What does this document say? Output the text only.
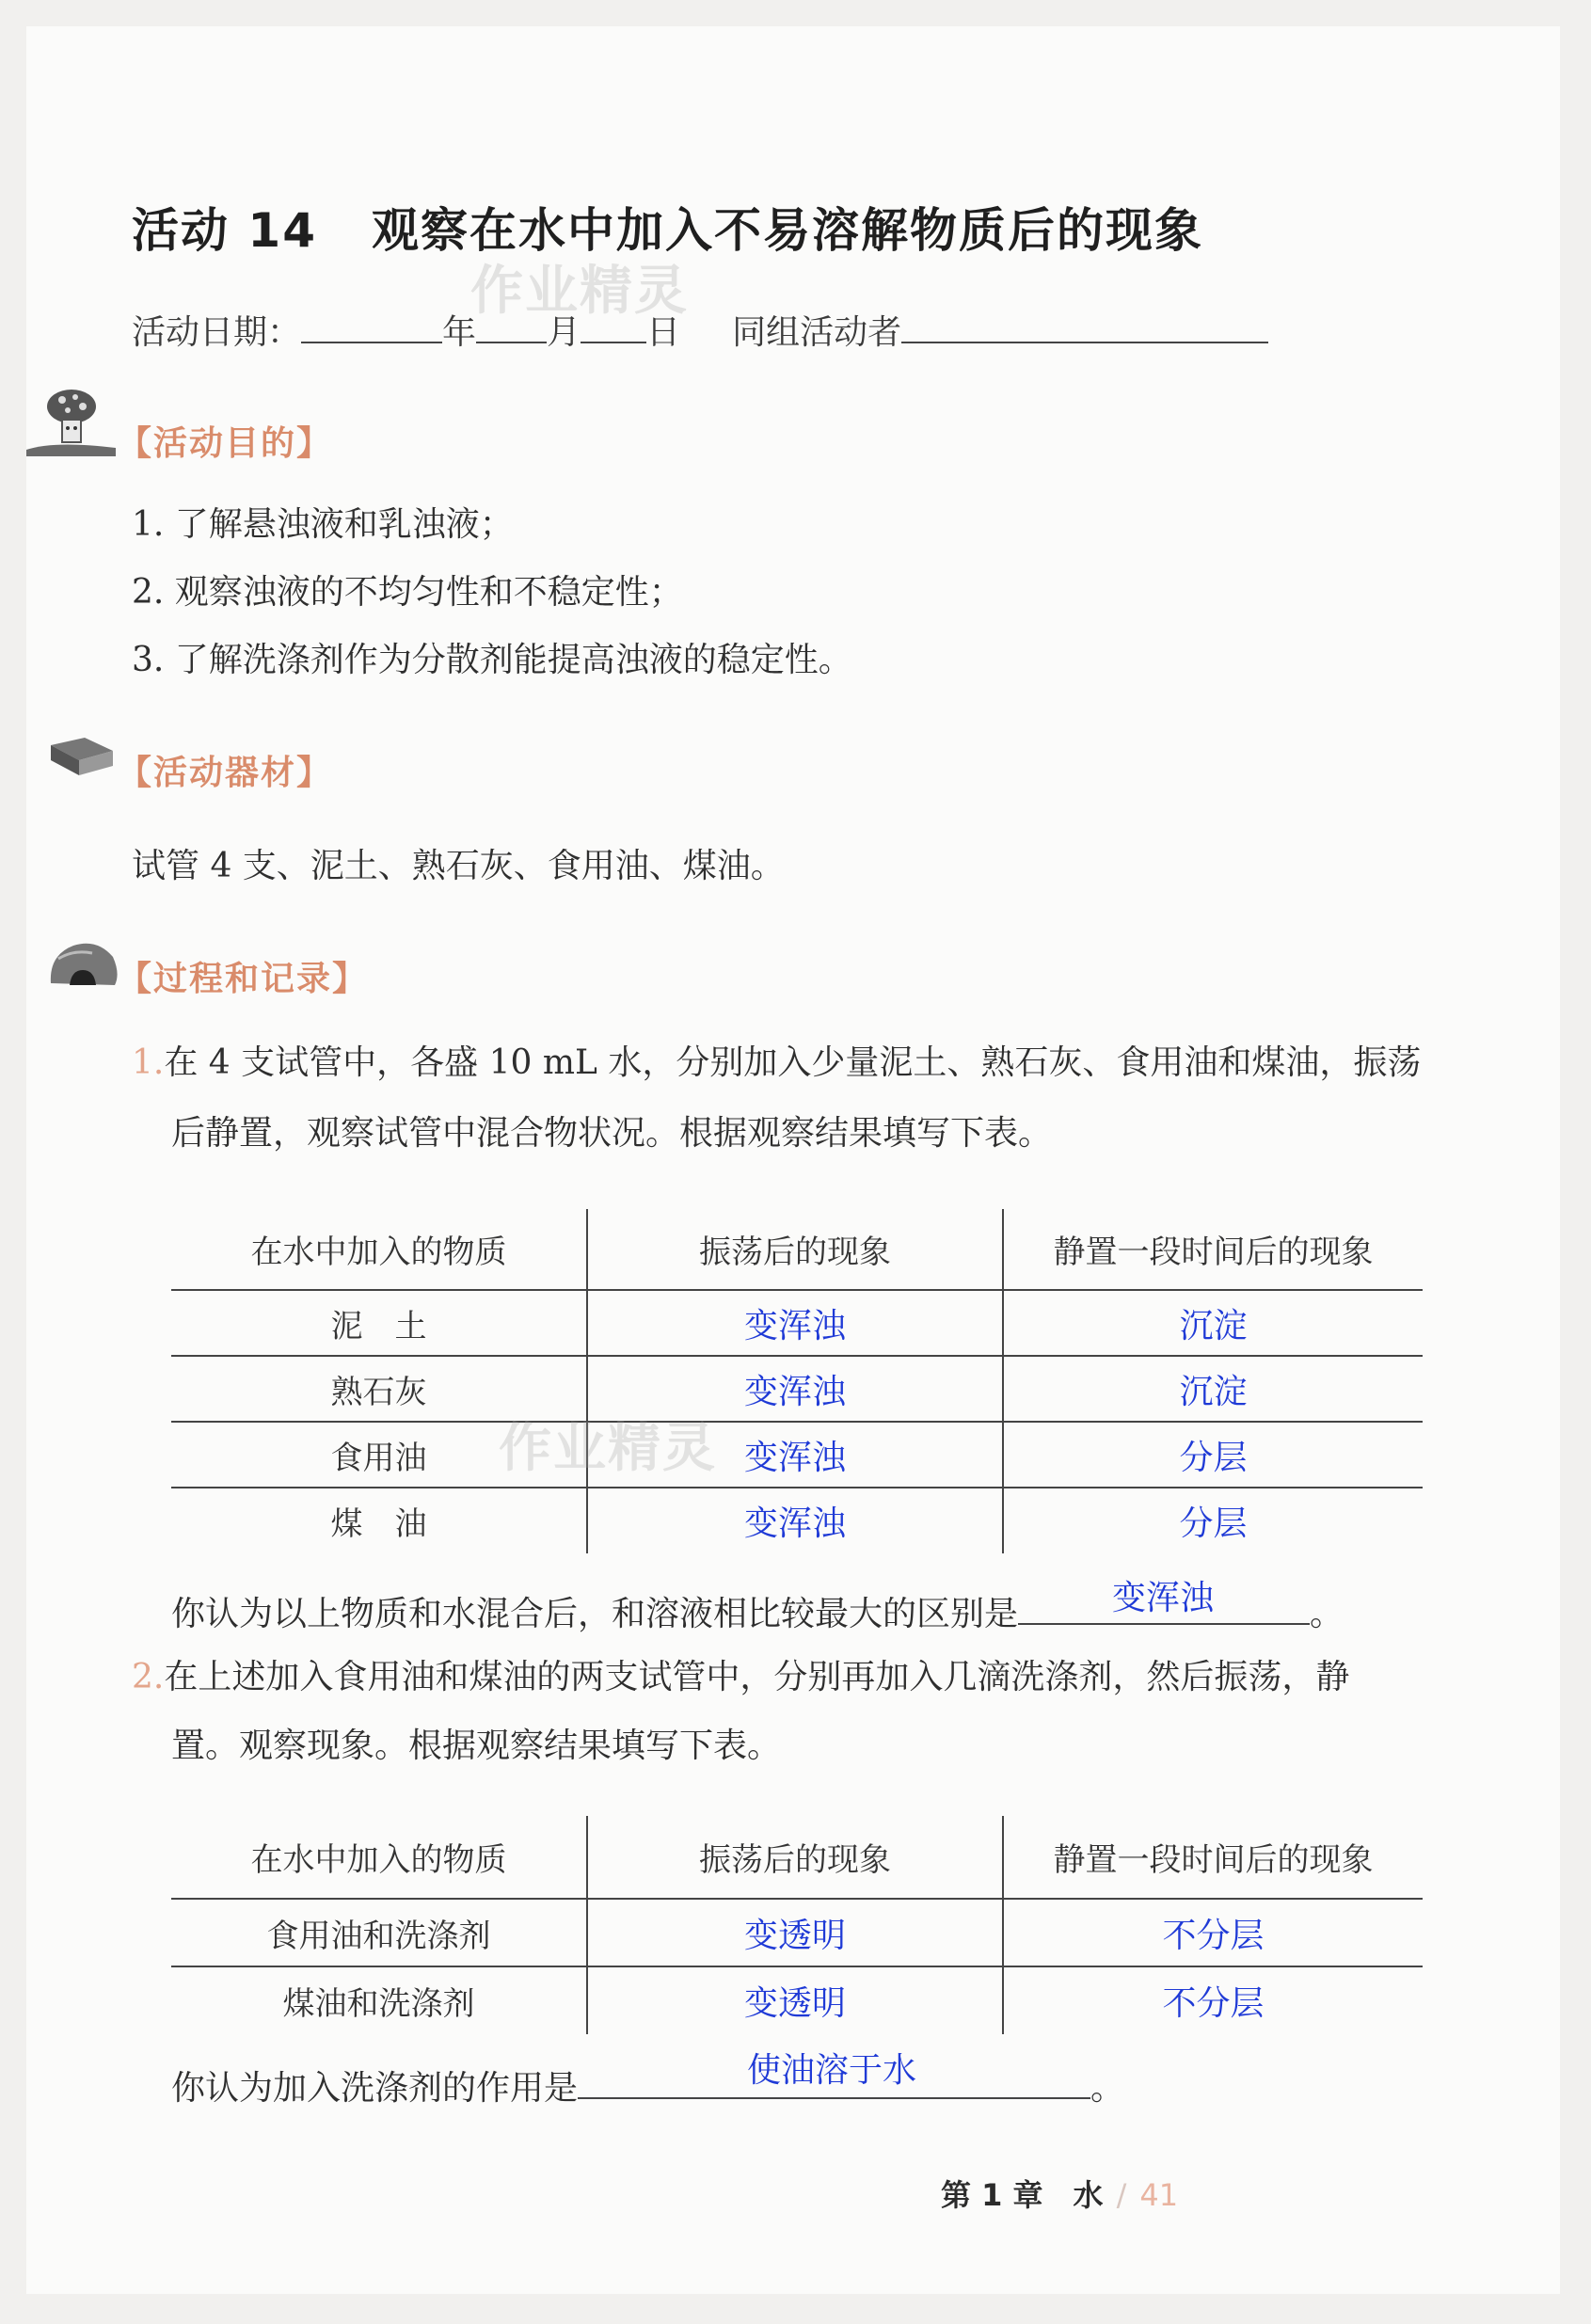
活动 14 观察在水中加入不易溶解物质后的现象
作业精灵
活动日期：	年 月 日 同组活动者
【活动目的】
1. 了解悬浊液和乳浊液；
2. 观察浊液的不均匀性和不稳定性；
3. 了解洗涤剂作为分散剂能提高浊液的稳定性。
【活动器材】
试管 4 支、泥土、熟石灰、食用油、煤油。
【过程和记录】
1.在 4 支试管中，各盛 10 mL 水，分别加入少量泥土、熟石灰、食用油和煤油，振荡
后静置，观察试管中混合物状况。根据观察结果填写下表。
在水中加入的物质	振荡后的现象	静置一段时间后的现象
泥　土	变浑浊	沉淀
熟石灰	变浑浊	沉淀
食用油	变浑浊	分层
煤　油	变浑浊	分层
作业精灵
你认为以上物质和水混合后，和溶液相比较最大的区别是	变浑浊	。
2.在上述加入食用油和煤油的两支试管中，分别再加入几滴洗涤剂，然后振荡，静
置。观察现象。根据观察结果填写下表。
在水中加入的物质	振荡后的现象	静置一段时间后的现象
食用油和洗涤剂	变透明	不分层
煤油和洗涤剂	变透明	不分层
你认为加入洗涤剂的作用是	使油溶于水	。
第 1 章　水 / 41
